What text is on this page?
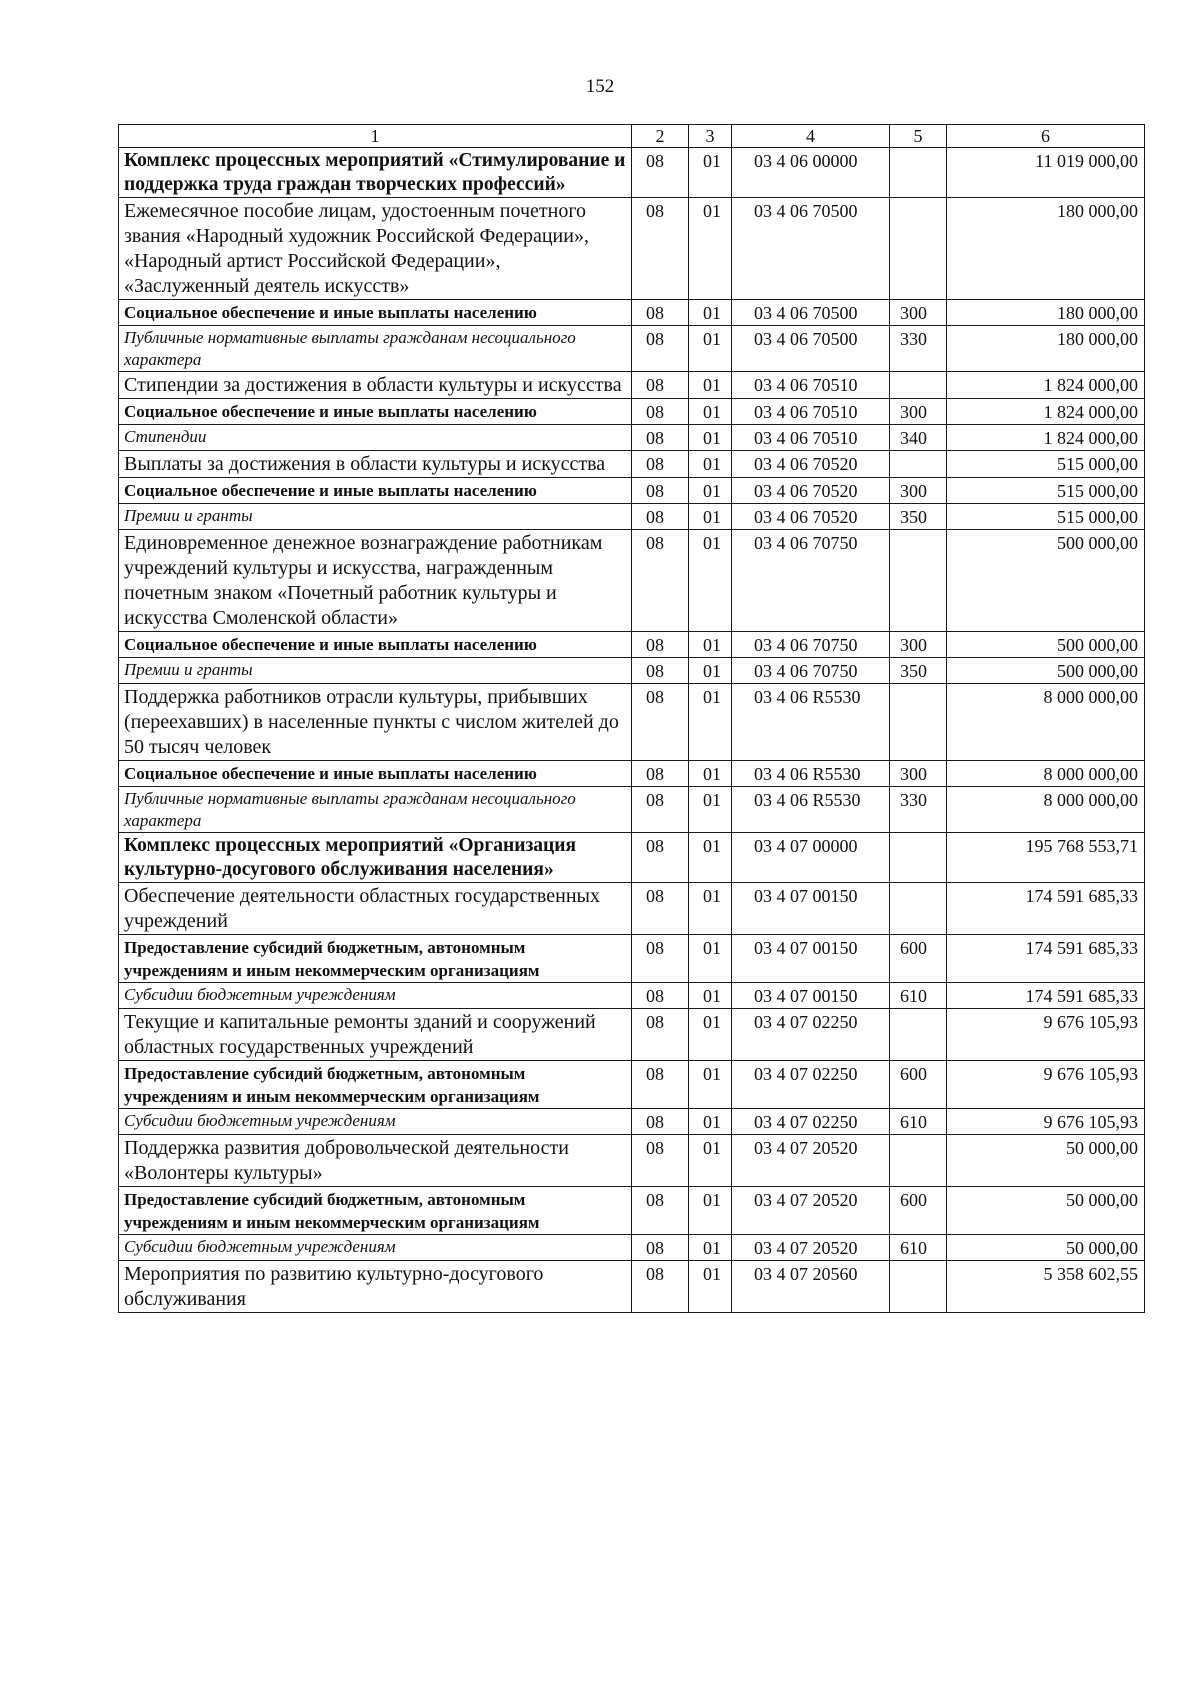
152
1	2	3	4	5	6
Комплекс процессных мероприятий «Стимулирование и поддержка труда граждан творческих профессий»	08	01	03 4 06 00000		11 019 000,00
Ежемесячное пособие лицам, удостоенным почетного звания «Народный художник Российской Федерации», «Народный артист Российской Федерации», «Заслуженный деятель искусств»	08	01	03 4 06 70500		180 000,00
Социальное обеспечение и иные выплаты населению	08	01	03 4 06 70500	300	180 000,00
Публичные нормативные выплаты гражданам несоциального характера	08	01	03 4 06 70500	330	180 000,00
Стипендии за достижения в области культуры и искусства	08	01	03 4 06 70510		1 824 000,00
Социальное обеспечение и иные выплаты населению	08	01	03 4 06 70510	300	1 824 000,00
Стипендии	08	01	03 4 06 70510	340	1 824 000,00
Выплаты за достижения в области культуры и искусства	08	01	03 4 06 70520		515 000,00
Социальное обеспечение и иные выплаты населению	08	01	03 4 06 70520	300	515 000,00
Премии и гранты	08	01	03 4 06 70520	350	515 000,00
Единовременное денежное вознаграждение работникам учреждений культуры и искусства, награжденным почетным знаком «Почетный работник культуры и искусства Смоленской области»	08	01	03 4 06 70750		500 000,00
Социальное обеспечение и иные выплаты населению	08	01	03 4 06 70750	300	500 000,00
Премии и гранты	08	01	03 4 06 70750	350	500 000,00
Поддержка работников отрасли культуры, прибывших (переехавших) в населенные пункты с числом жителей до 50 тысяч человек	08	01	03 4 06 R5530		8 000 000,00
Социальное обеспечение и иные выплаты населению	08	01	03 4 06 R5530	300	8 000 000,00
Публичные нормативные выплаты гражданам несоциального характера	08	01	03 4 06 R5530	330	8 000 000,00
Комплекс процессных мероприятий «Организация культурно-досугового обслуживания населения»	08	01	03 4 07 00000		195 768 553,71
Обеспечение деятельности областных государственных учреждений	08	01	03 4 07 00150		174 591 685,33
Предоставление субсидий бюджетным, автономным учреждениям и иным некоммерческим организациям	08	01	03 4 07 00150	600	174 591 685,33
Субсидии бюджетным учреждениям	08	01	03 4 07 00150	610	174 591 685,33
Текущие и капитальные ремонты зданий и сооружений областных государственных учреждений	08	01	03 4 07 02250		9 676 105,93
Предоставление субсидий бюджетным, автономным учреждениям и иным некоммерческим организациям	08	01	03 4 07 02250	600	9 676 105,93
Субсидии бюджетным учреждениям	08	01	03 4 07 02250	610	9 676 105,93
Поддержка развития добровольческой деятельности «Волонтеры культуры»	08	01	03 4 07 20520		50 000,00
Предоставление субсидий бюджетным, автономным учреждениям и иным некоммерческим организациям	08	01	03 4 07 20520	600	50 000,00
Субсидии бюджетным учреждениям	08	01	03 4 07 20520	610	50 000,00
Мероприятия по развитию культурно-досугового обслуживания	08	01	03 4 07 20560		5 358 602,55
